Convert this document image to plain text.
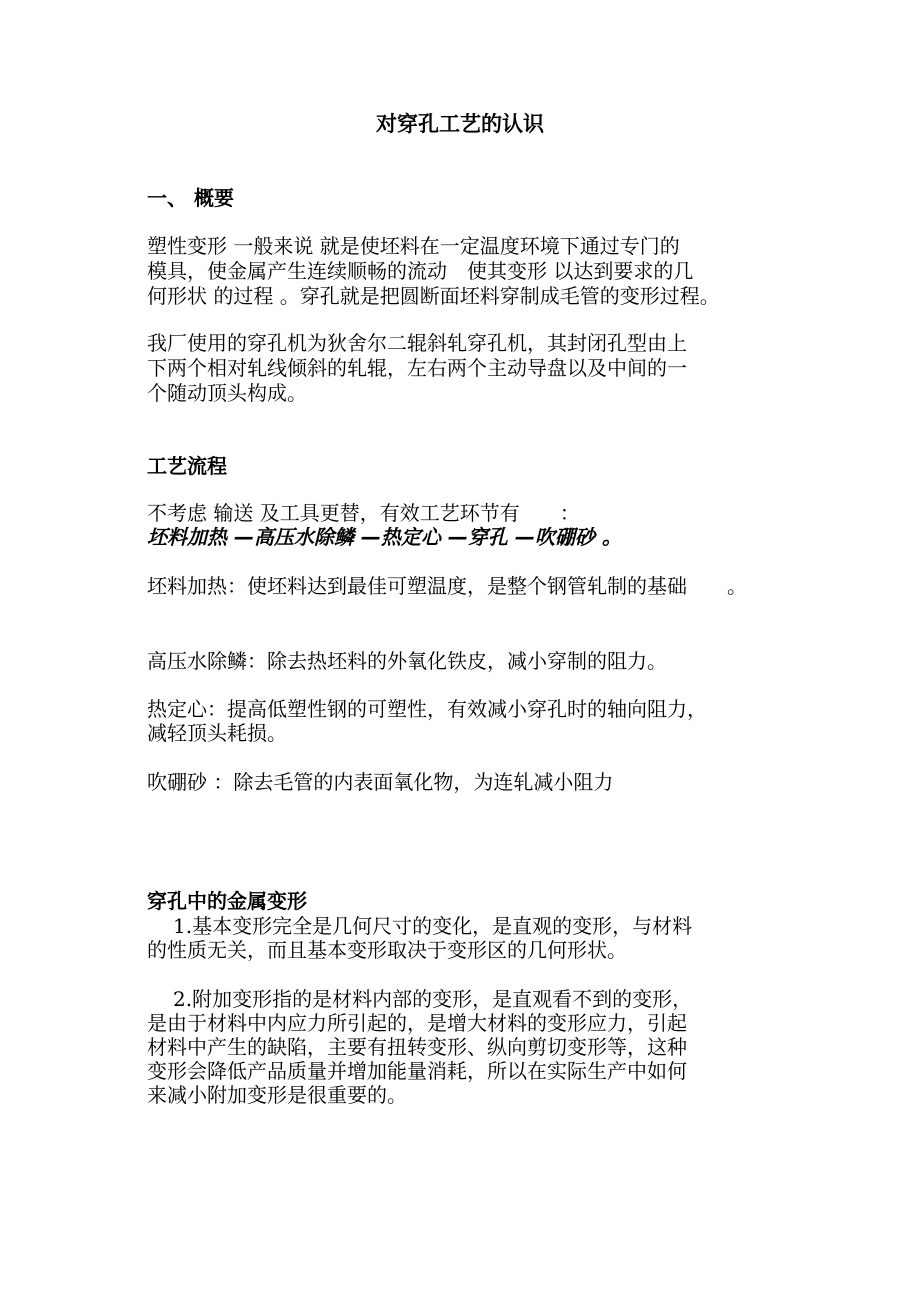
对穿孔工艺的认识
一、 概要
塑性变形 一般来说 就是使坯料在一定温度环境下通过专门的
模具，使金属产生连续顺畅的流动　使其变形 以达到要求的几
何形状 的过程 。穿孔就是把圆断面坯料穿制成毛管的变形过程。
我厂使用的穿孔机为狄舍尔二辊斜轧穿孔机，其封闭孔型由上
下两个相对轧线倾斜的轧辊，左右两个主动导盘以及中间的一
个随动顶头构成。
工艺流程
不考虑 输送 及工具更替，有效工艺环节有　　：
坯料加热 —高压水除鳞 —热定心 —穿孔 —吹硼砂 。
坯料加热：使坯料达到最佳可塑温度，是整个钢管轧制的基础　　。
高压水除鳞：除去热坯料的外氧化铁皮，减小穿制的阻力。
热定心：提高低塑性钢的可塑性，有效减小穿孔时的轴向阻力，
减轻顶头耗损。
吹硼砂 ：除去毛管的内表面氧化物，为连轧减小阻力
穿孔中的金属变形
1.基本变形完全是几何尺寸的变化，是直观的变形，与材料
的性质无关，而且基本变形取决于变形区的几何形状。
2.附加变形指的是材料内部的变形，是直观看不到的变形，
是由于材料中内应力所引起的，是增大材料的变形应力，引起
材料中产生的缺陷，主要有扭转变形、纵向剪切变形等，这种
变形会降低产品质量并增加能量消耗，所以在实际生产中如何
来减小附加变形是很重要的。
